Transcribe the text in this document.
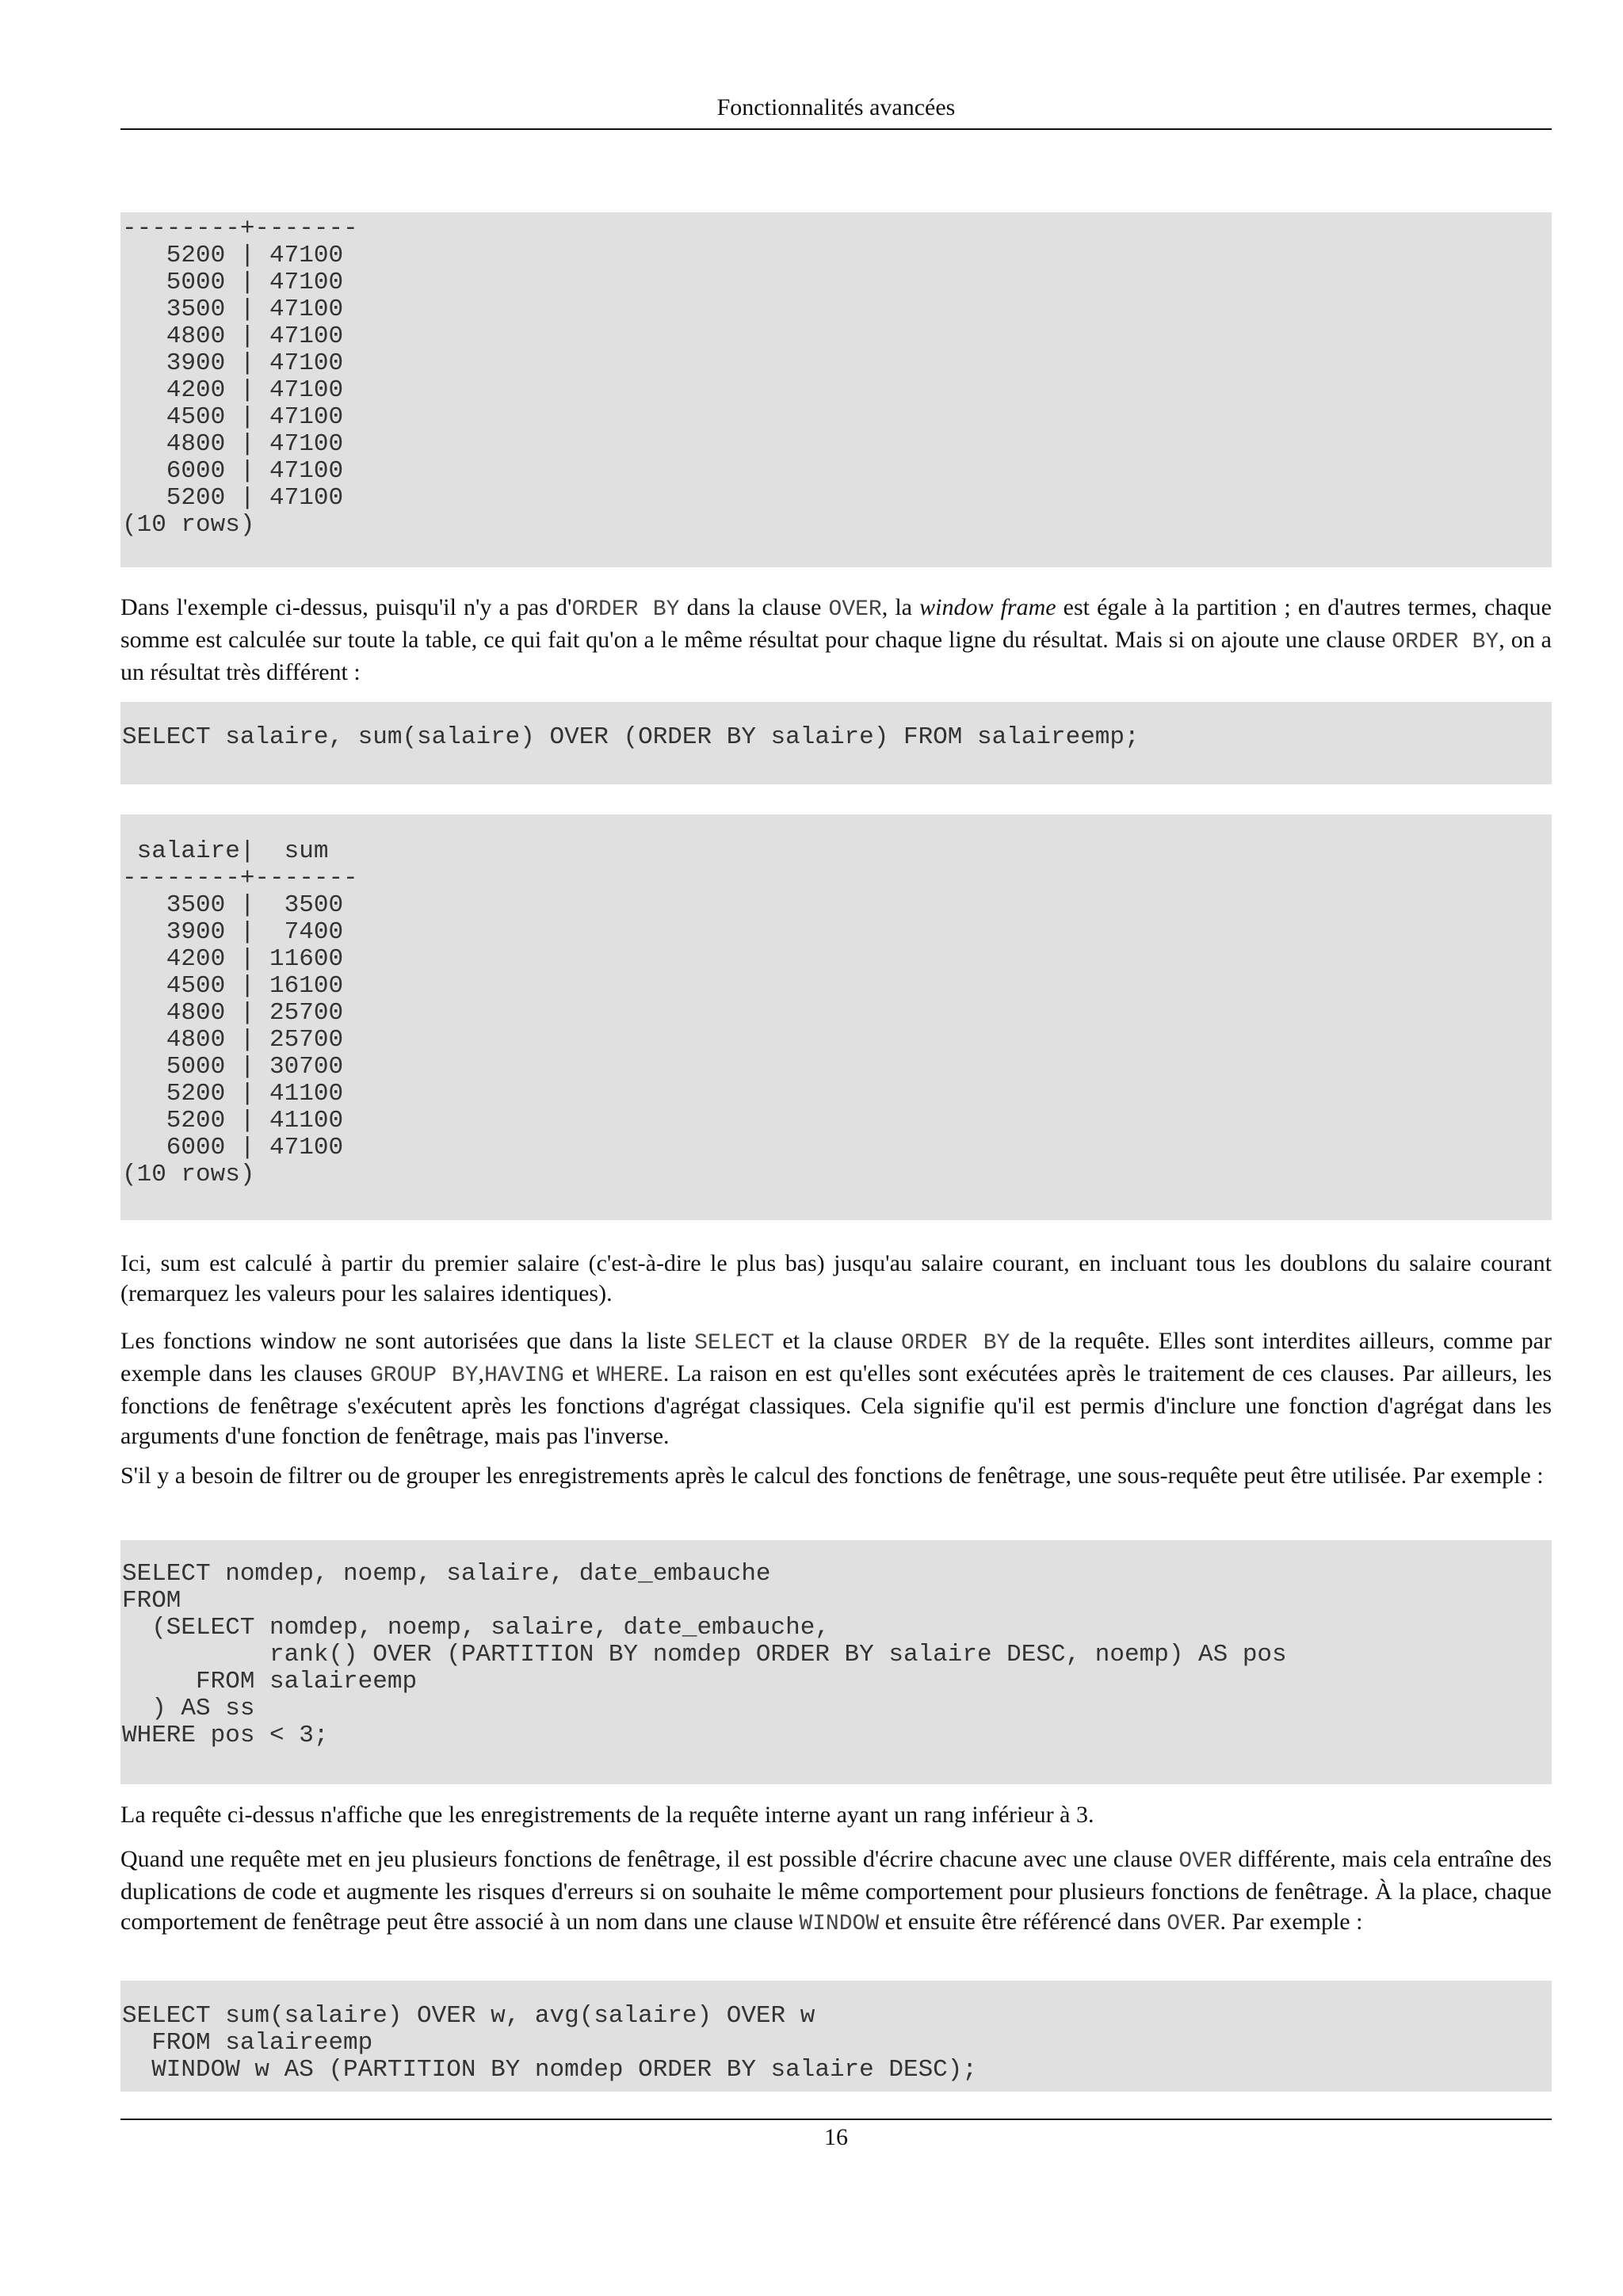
Fonctionnalités avancées
--------+-------
5200 | 47100
5000 | 47100
3500 | 47100
4800 | 47100
3900 | 47100
4200 | 47100
4500 | 47100
4800 | 47100
6000 | 47100
5200 | 47100
(10 rows)

Dans l'exemple ci-dessus, puisqu'il n'y a pas d'ORDER BY dans la clause OVER, la window frame est égale à la partition ; en d'autres termes, chaque somme est calculée sur toute la table, ce qui fait qu'on a le même résultat pour chaque ligne du résultat. Mais si on ajoute une clause ORDER BY, on a un résultat très différent :

SELECT salaire, sum(salaire) OVER (ORDER BY salaire) FROM salaireemp;
salaire|  sum
--------+-------
3500 |  3500
3900 |  7400
4200 | 11600
4500 | 16100
4800 | 25700
4800 | 25700
5000 | 30700
5200 | 41100
5200 | 41100
6000 | 47100
(10 rows)

Ici, sum est calculé à partir du premier salaire (c'est-à-dire le plus bas) jusqu'au salaire courant, en incluant tous les doublons du salaire courant (remarquez les valeurs pour les salaires identiques).

Les fonctions window ne sont autorisées que dans la liste SELECT et la clause ORDER BY de la requête. Elles sont interdites ailleurs, comme par exemple dans les clauses GROUP BY,HAVING et WHERE. La raison en est qu'elles sont exécutées après le traitement de ces clauses. Par ailleurs, les fonctions de fenêtrage s'exécutent après les fonctions d'agrégat classiques. Cela signifie qu'il est permis d'inclure une fonction d'agrégat dans les arguments d'une fonction de fenêtrage, mais pas l'inverse.

S'il y a besoin de filtrer ou de grouper les enregistrements après le calcul des fonctions de fenêtrage, une sous-requête peut être utilisée. Par exemple :

SELECT nomdep, noemp, salaire, date_embauche
FROM
(SELECT nomdep, noemp, salaire, date_embauche,
rank() OVER (PARTITION BY nomdep ORDER BY salaire DESC, noemp) AS pos
FROM salaireemp
) AS ss
WHERE pos < 3;

La requête ci-dessus n'affiche que les enregistrements de la requête interne ayant un rang inférieur à 3.

Quand une requête met en jeu plusieurs fonctions de fenêtrage, il est possible d'écrire chacune avec une clause OVER différente, mais cela entraîne des duplications de code et augmente les risques d'erreurs si on souhaite le même comportement pour plusieurs fonctions de fenêtrage. À la place, chaque comportement de fenêtrage peut être associé à un nom dans une clause WINDOW et ensuite être référencé dans OVER. Par exemple :

SELECT sum(salaire) OVER w, avg(salaire) OVER w
FROM salaireemp
WINDOW w AS (PARTITION BY nomdep ORDER BY salaire DESC);
16
